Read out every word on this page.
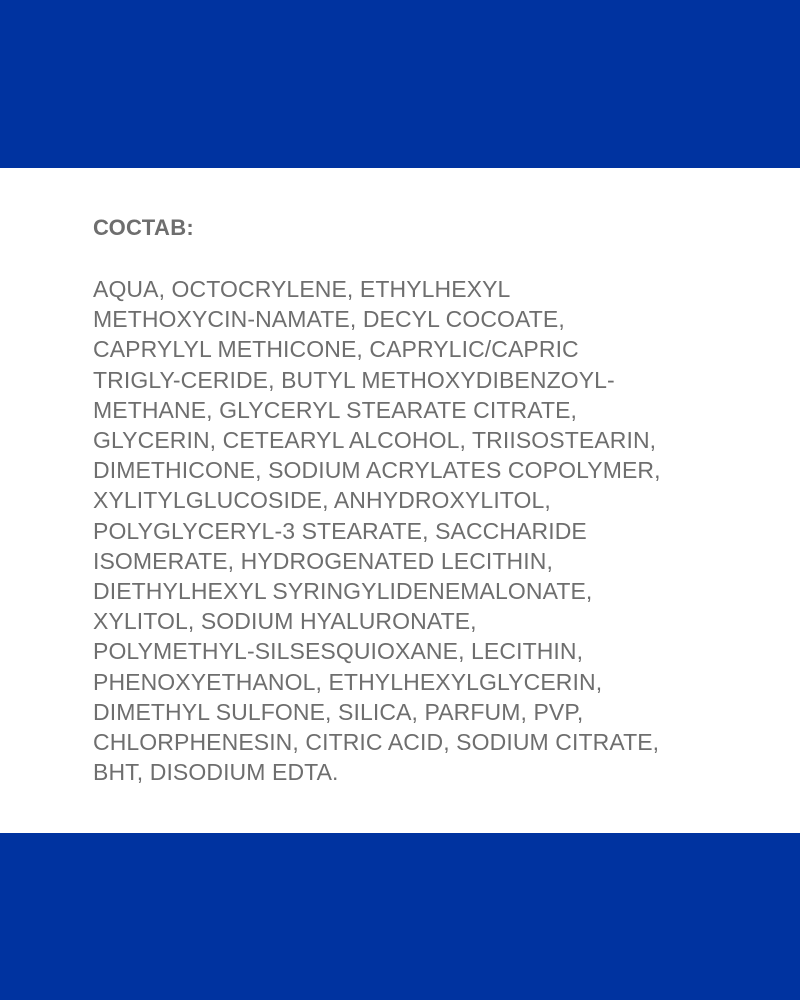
СОСТАВ:

AQUA, OCTOCRYLENE, ETHYLHEXYL
METHOXYCIN-NAMATE, DECYL COCOATE,
CAPRYLYL METHICONE, CAPRYLIC/CAPRIC
TRIGLY-CERIDE, BUTYL METHOXYDIBENZOYL-
METHANE, GLYCERYL STEARATE CITRATE,
GLYCERIN, CETEARYL ALCOHOL, TRIISOSTEARIN,
DIMETHICONE, SODIUM ACRYLATES COPOLYMER,
XYLITYLGLUCOSIDE, ANHYDROXYLITOL,
POLYGLYCERYL-3 STEARATE, SACCHARIDE
ISOMERATE, HYDROGENATED LECITHIN,
DIETHYLHEXYL SYRINGYLIDENEMALONATE,
XYLITOL, SODIUM HYALURONATE,
POLYMETHYL-SILSESQUIOXANE, LECITHIN,
PHENOXYETHANOL, ETHYLHEXYLGLYCERIN,
DIMETHYL SULFONE, SILICA, PARFUM, PVP,
CHLORPHENESIN, CITRIC ACID, SODIUM CITRATE,
BHT, DISODIUM EDTA.
